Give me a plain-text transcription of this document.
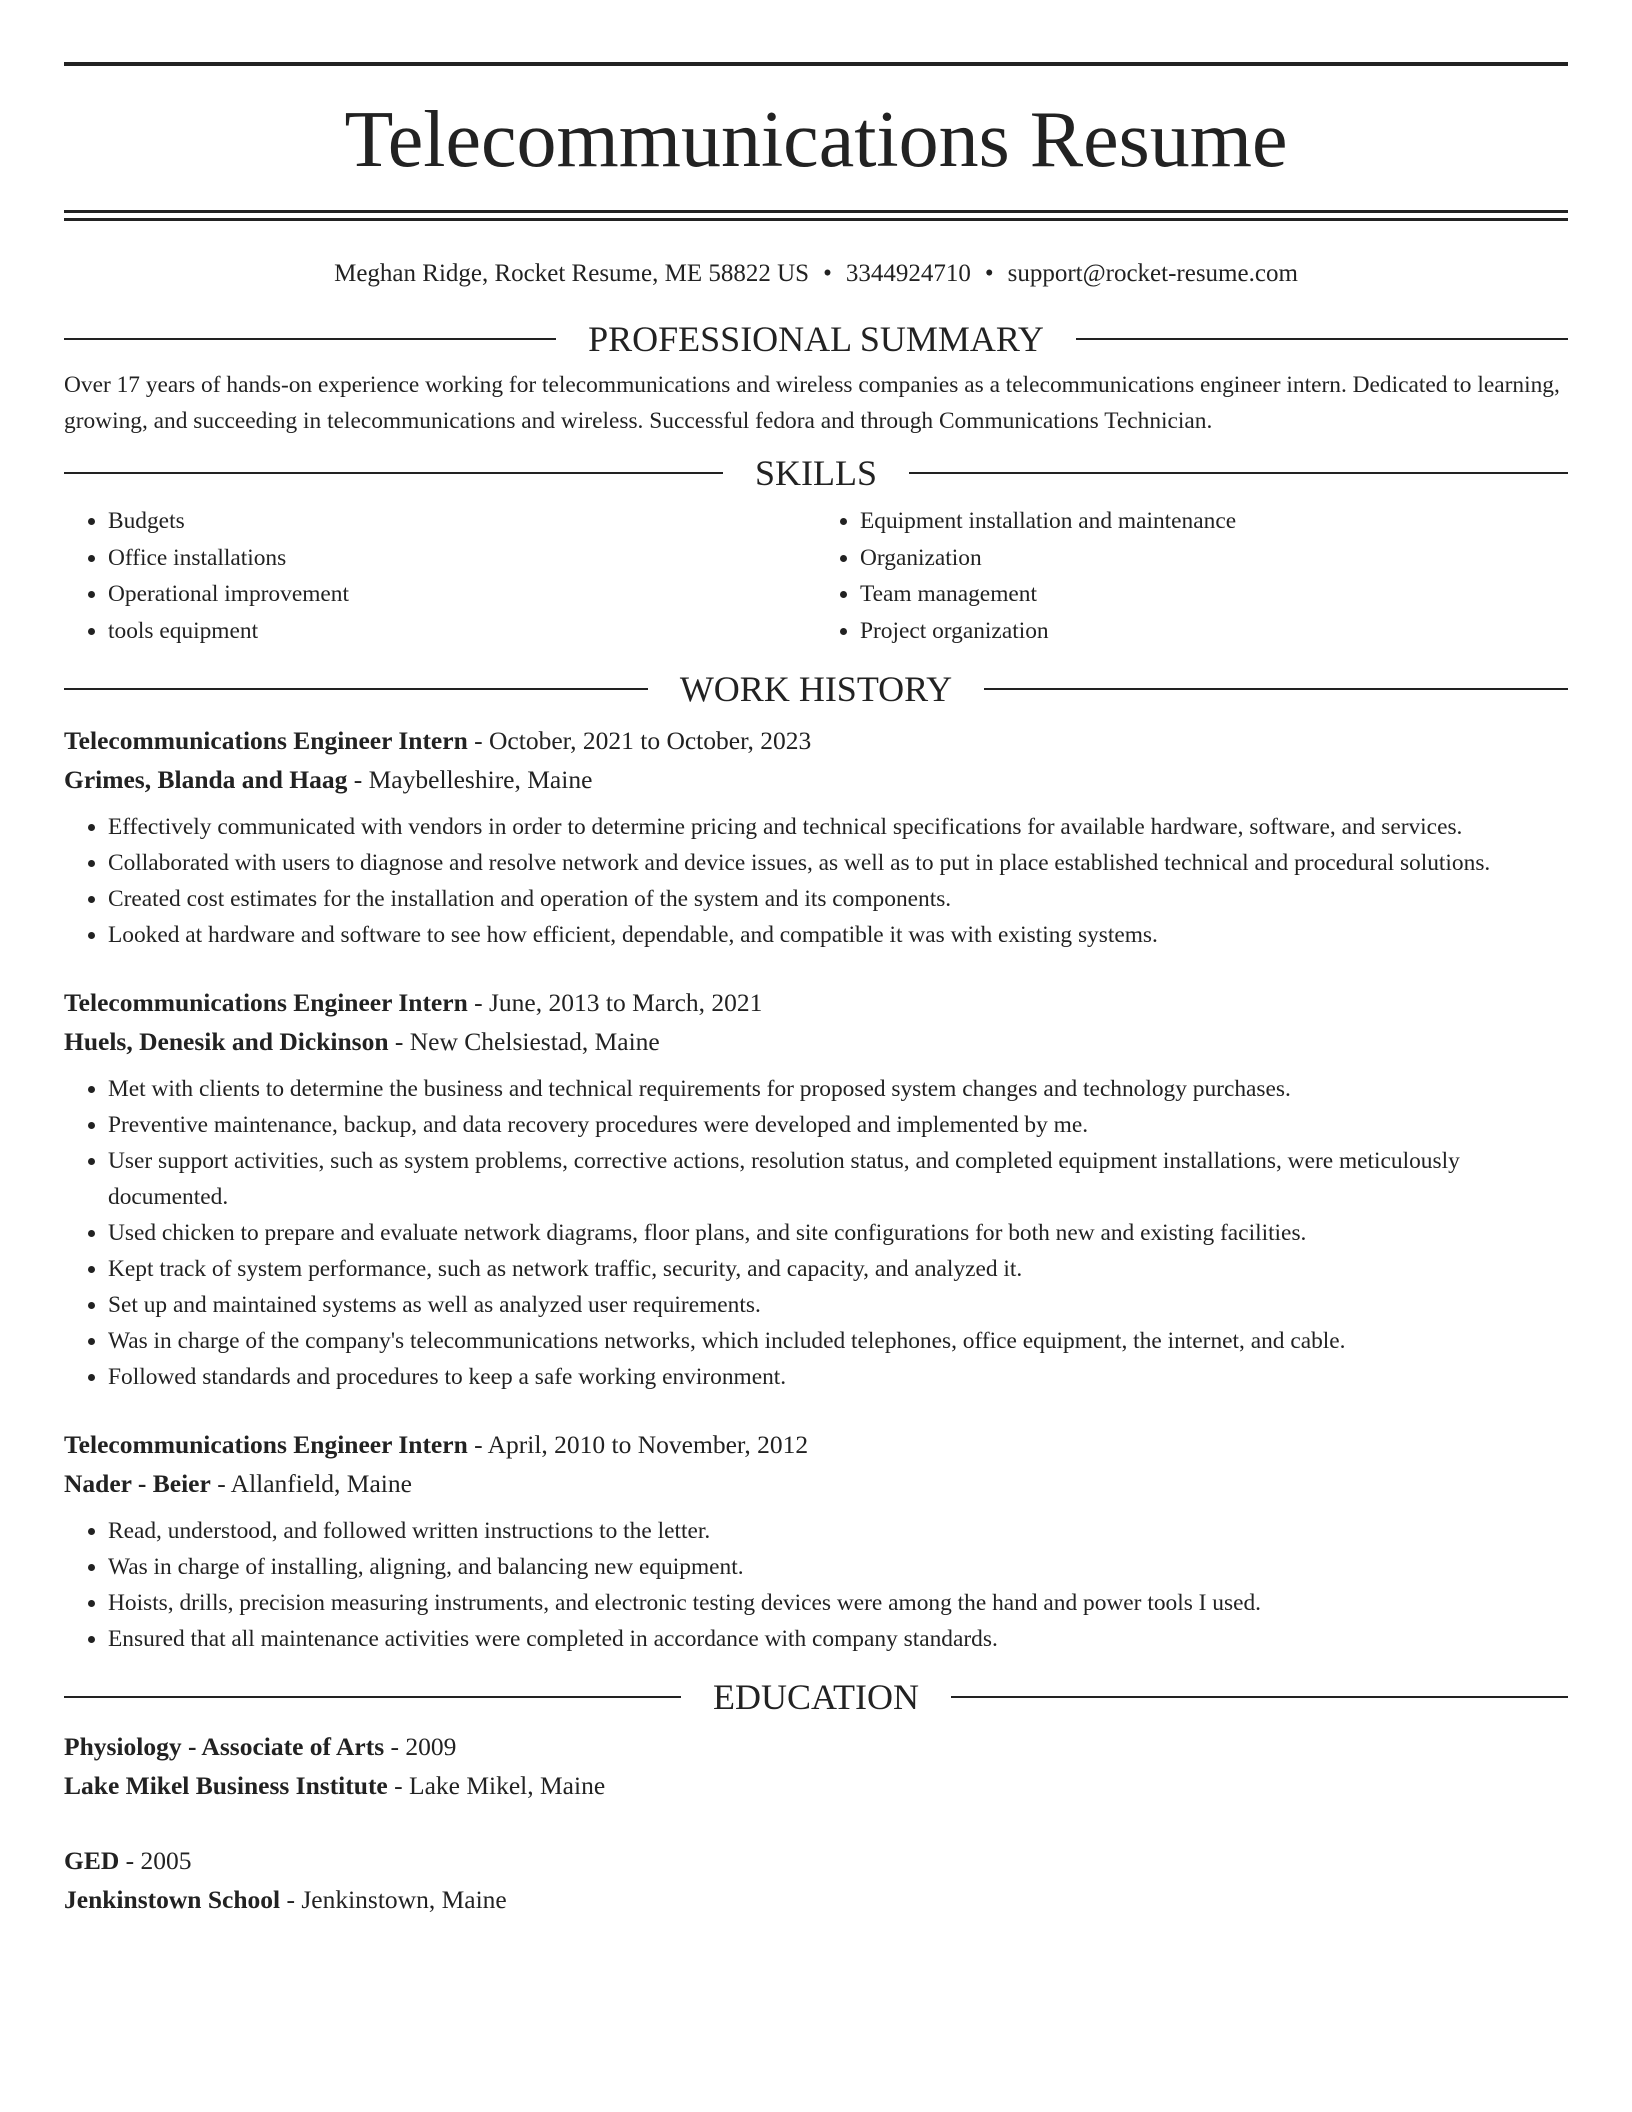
Telecommunications Resume
Meghan Ridge, Rocket Resume, ME 58822 US • 3344924710 • support@rocket-resume.com
PROFESSIONAL SUMMARY
Over 17 years of hands-on experience working for telecommunications and wireless companies as a telecommunications engineer intern. Dedicated to learning, growing, and succeeding in telecommunications and wireless. Successful fedora and through Communications Technician.
SKILLS
• Budgets
• Office installations
• Operational improvement
• tools equipment
• Equipment installation and maintenance
• Organization
• Team management
• Project organization
WORK HISTORY
Telecommunications Engineer Intern - October, 2021 to October, 2023
Grimes, Blanda and Haag - Maybelleshire, Maine
• Effectively communicated with vendors in order to determine pricing and technical specifications for available hardware, software, and services.
• Collaborated with users to diagnose and resolve network and device issues, as well as to put in place established technical and procedural solutions.
• Created cost estimates for the installation and operation of the system and its components.
• Looked at hardware and software to see how efficient, dependable, and compatible it was with existing systems.
Telecommunications Engineer Intern - June, 2013 to March, 2021
Huels, Denesik and Dickinson - New Chelsiestad, Maine
• Met with clients to determine the business and technical requirements for proposed system changes and technology purchases.
• Preventive maintenance, backup, and data recovery procedures were developed and implemented by me.
• User support activities, such as system problems, corrective actions, resolution status, and completed equipment installations, were meticulously documented.
• Used chicken to prepare and evaluate network diagrams, floor plans, and site configurations for both new and existing facilities.
• Kept track of system performance, such as network traffic, security, and capacity, and analyzed it.
• Set up and maintained systems as well as analyzed user requirements.
• Was in charge of the company's telecommunications networks, which included telephones, office equipment, the internet, and cable.
• Followed standards and procedures to keep a safe working environment.
Telecommunications Engineer Intern - April, 2010 to November, 2012
Nader - Beier - Allanfield, Maine
• Read, understood, and followed written instructions to the letter.
• Was in charge of installing, aligning, and balancing new equipment.
• Hoists, drills, precision measuring instruments, and electronic testing devices were among the hand and power tools I used.
• Ensured that all maintenance activities were completed in accordance with company standards.
EDUCATION
Physiology - Associate of Arts - 2009
Lake Mikel Business Institute - Lake Mikel, Maine
GED - 2005
Jenkinstown School - Jenkinstown, Maine
